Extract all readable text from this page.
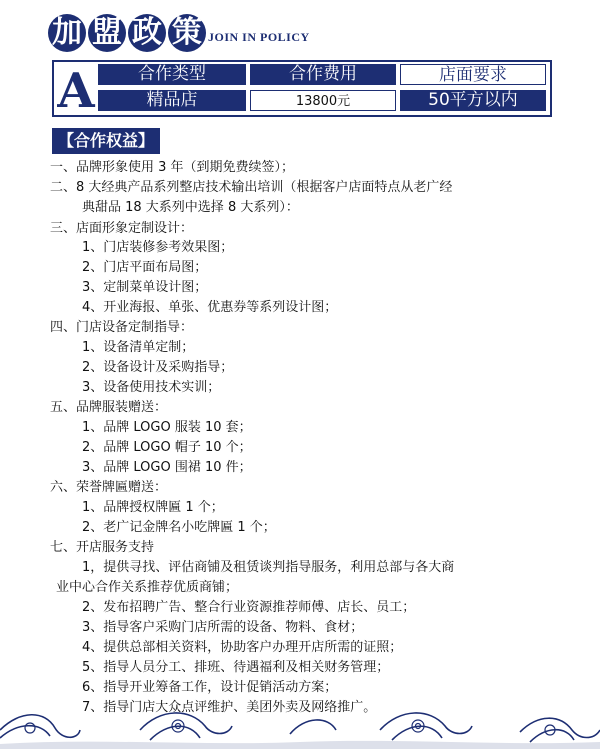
加 盟 政 策 JOIN IN POLICY
A	合作类型	合作费用	店面要求
精品店	13800元	50平方以内
【合作权益】
一、品牌形象使用 3 年（到期免费续签）；
二、8 大经典产品系列整店技术输出培训（根据客户店面特点从老广经
典甜品 18 大系列中选择 8 大系列）：
三、店面形象定制设计：
1、门店装修参考效果图；
2、门店平面布局图；
3、定制菜单设计图；
4、开业海报、单张、优惠券等系列设计图；
四、门店设备定制指导：
1、设备清单定制；
2、设备设计及采购指导；
3、设备使用技术实训；
五、品牌服装赠送：
1、品牌 LOGO 服装 10 套；
2、品牌 LOGO 帽子 10 个；
3、品牌 LOGO 围裙 10 件；
六、荣誉牌匾赠送：
1、品牌授权牌匾 1 个；
2、老广记金牌名小吃牌匾 1 个；
七、开店服务支持
1，提供寻找、评估商铺及租赁谈判指导服务，利用总部与各大商
业中心合作关系推荐优质商铺；
2、发布招聘广告、整合行业资源推荐师傅、店长、员工；
3、指导客户采购门店所需的设备、物料、食材；
4、提供总部相关资料，协助客户办理开店所需的证照；
5、指导人员分工、排班、待遇福利及相关财务管理；
6、指导开业筹备工作，设计促销活动方案；
7、指导门店大众点评维护、美团外卖及网络推广。
